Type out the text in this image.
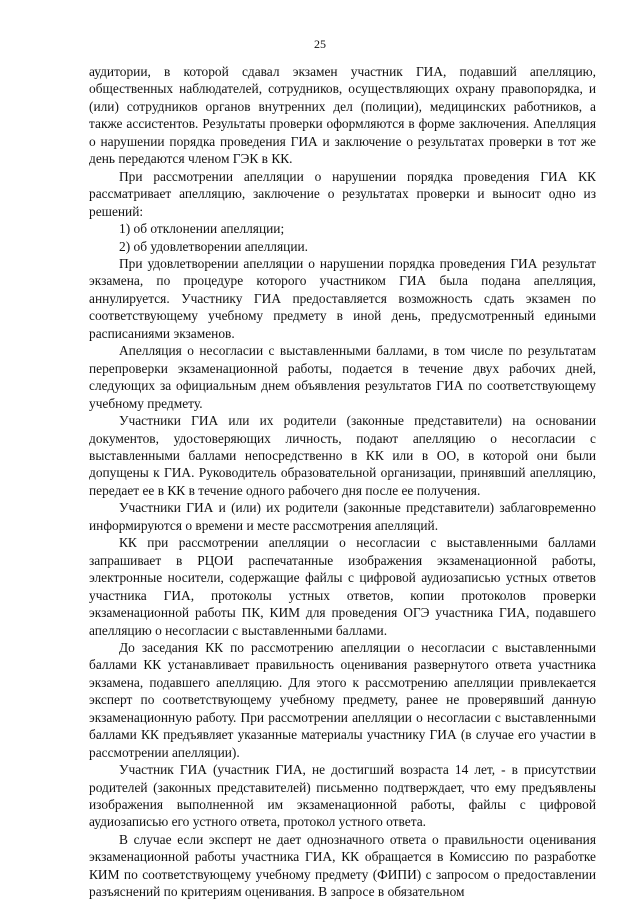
25

аудитории, в которой сдавал экзамен участник ГИА, подавший апелляцию, общественных наблюдателей, сотрудников, осуществляющих охрану правопорядка, и (или) сотрудников органов внутренних дел (полиции), медицинских работников, а также ассистентов. Результаты проверки оформляются в форме заключения. Апелляция о нарушении порядка проведения ГИА и заключение о результатах проверки в тот же день передаются членом ГЭК в КК.

При рассмотрении апелляции о нарушении порядка проведения ГИА КК рассматривает апелляцию, заключение о результатах проверки и выносит одно из решений:

1) об отклонении апелляции;

2) об удовлетворении апелляции.

При удовлетворении апелляции о нарушении порядка проведения ГИА результат экзамена, по процедуре которого участником ГИА была подана апелляция, аннулируется. Участнику ГИА предоставляется возможность сдать экзамен по соответствующему учебному предмету в иной день, предусмотренный едиными расписаниями экзаменов.

Апелляция о несогласии с выставленными баллами, в том числе по результатам перепроверки экзаменационной работы, подается в течение двух рабочих дней, следующих за официальным днем объявления результатов ГИА по соответствующему учебному предмету.

Участники ГИА или их родители (законные представители) на основании документов, удостоверяющих личность, подают апелляцию о несогласии с выставленными баллами непосредственно в КК или в ОО, в которой они были допущены к ГИА. Руководитель образовательной организации, принявший апелляцию, передает ее в КК в течение одного рабочего дня после ее получения.

Участники ГИА и (или) их родители (законные представители) заблаговременно информируются о времени и месте рассмотрения апелляций.

КК при рассмотрении апелляции о несогласии с выставленными баллами запрашивает в РЦОИ распечатанные изображения экзаменационной работы, электронные носители, содержащие файлы с цифровой аудиозаписью устных ответов участника ГИА, протоколы устных ответов, копии протоколов проверки экзаменационной работы ПК, КИМ для проведения ОГЭ участника ГИА, подавшего апелляцию о несогласии с выставленными баллами.

До заседания КК по рассмотрению апелляции о несогласии с выставленными баллами КК устанавливает правильность оценивания развернутого ответа участника экзамена, подавшего апелляцию. Для этого к рассмотрению апелляции привлекается эксперт по соответствующему учебному предмету, ранее не проверявший данную экзаменационную работу. При рассмотрении апелляции о несогласии с выставленными баллами КК предъявляет указанные материалы участнику ГИА (в случае его участии в рассмотрении апелляции).

Участник ГИА (участник ГИА, не достигший возраста 14 лет, - в присутствии родителей (законных представителей) письменно подтверждает, что ему предъявлены изображения выполненной им экзаменационной работы, файлы с цифровой аудиозаписью его устного ответа, протокол устного ответа.

В случае если эксперт не дает однозначного ответа о правильности оценивания экзаменационной работы участника ГИА, КК обращается в Комиссию по разработке КИМ по соответствующему учебному предмету (ФИПИ) с запросом о предоставлении разъяснений по критериям оценивания. В запросе в обязательном
